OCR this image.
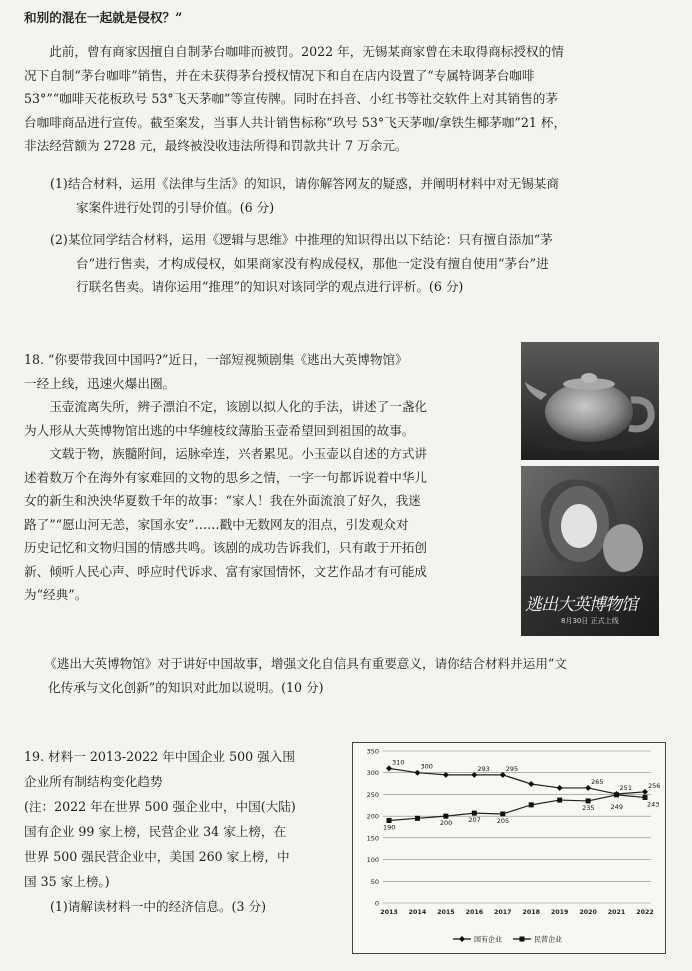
和别的混在一起就是侵权？”

此前，曾有商家因擅自自制茅台咖啡而被罚。2022 年，无锡某商家曾在未取得商标授权的情

况下自制“茅台咖啡”销售，并在未获得茅台授权情况下和自在店内设置了“专属特调茅台咖啡

53°”“咖啡天花板玖号 53°飞天茅咖”等宣传牌。同时在抖音、小红书等社交软件上对其销售的茅

台咖啡商品进行宣传。截至案发，当事人共计销售标称“玖号 53°飞天茅咖/拿铁生椰茅咖”21 杯，

非法经营额为 2728 元，最终被没收违法所得和罚款共计 7 万余元。

(1)结合材料，运用《法律与生活》的知识，请你解答网友的疑惑，并阐明材料中对无锡某商

家案件进行处罚的引导价值。(6 分)

(2)某位同学结合材料，运用《逻辑与思维》中推理的知识得出以下结论：只有擅自添加“茅

台”进行售卖，才构成侵权，如果商家没有构成侵权，那他一定没有擅自使用“茅台”进

行联名售卖。请你运用“推理”的知识对该同学的观点进行评析。(6 分)

18. “你要带我回中国吗?”近日，一部短视频剧集《逃出大英博物馆》

一经上线，迅速火爆出圈。

玉壶流离失所，辨子漂泊不定，该剧以拟人化的手法，讲述了一盏化

为人形从大英博物馆出逃的中华缠枝纹薄胎玉壶希望回到祖国的故事。

文载于物，族髓附间，运脉牵连，兴者累见。小玉壶以自述的方式讲

述着数万个在海外有家难回的文物的思乡之情，一字一句都诉说着中华儿

女的新生和泱泱华夏数千年的故事：“家人！我在外面流浪了好久，我迷

路了”“愿山河无恙，家国永安”……戳中无数网友的泪点，引发观众对

历史记忆和文物归国的情感共鸣。该剧的成功告诉我们，只有敢于开拓创

新、倾听人民心声、呼应时代诉求、富有家国情怀，文艺作品才有可能成

为“经典”。

逃出大英博物馆
8月30日 正式上线

《逃出大英博物馆》对于讲好中国故事，增强文化自信具有重要意义，请你结合材料并运用“文

化传承与文化创新”的知识对此加以说明。(10 分)

19. 材料一 2013-2022 年中国企业 500 强入围

企业所有制结构变化趋势

(注：2022 年在世界 500 强企业中，中国(大陆)

国有企业 99 家上榜，民营企业 34 家上榜，在

世界 500 强民营企业中，美国 260 家上榜，中

国 35 家上榜。)

(1)请解读材料一中的经济信息。(3 分)	0
50
100
150
200
250
300
350
2013 2014 2015 2016 2017 2018 2019 2020 2021 2022
310
300	293 295
265
251 256
190
200 207 205
235 249	243
国有企业	民营企业
